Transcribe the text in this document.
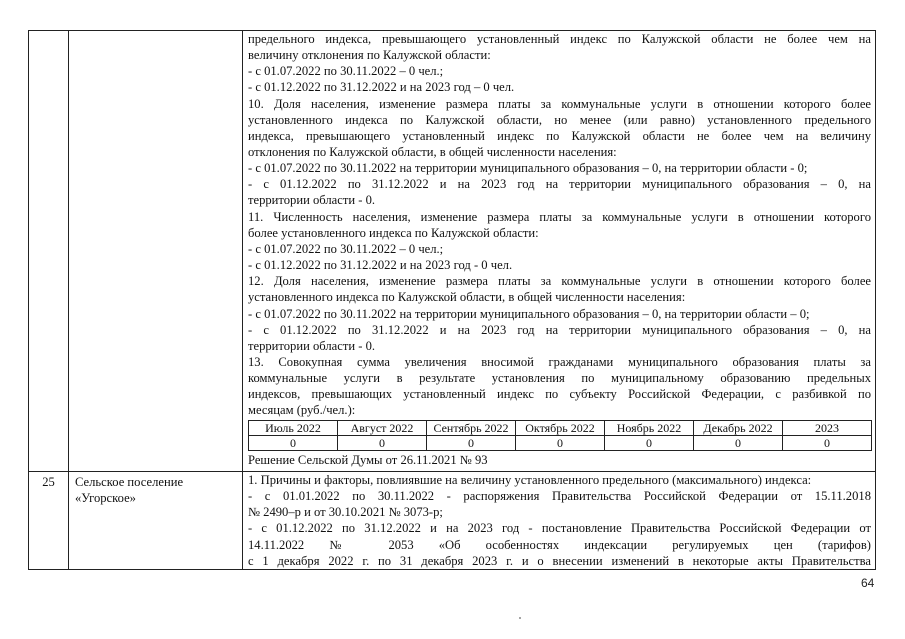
предельного индекса, превышающего установленный индекс по Калужской области не более чем на
величину отклонения по Калужской области:
- с 01.07.2022 по 30.11.2022 – 0 чел.;
- с 01.12.2022 по 31.12.2022 и на 2023 год – 0 чел.
10. Доля населения, изменение размера платы за коммунальные услуги в отношении которого более
установленного индекса по Калужской области, но менее (или равно) установленного предельного
индекса, превышающего установленный индекс по Калужской области не более чем на величину
отклонения по Калужской области, в общей численности населения:
- с 01.07.2022 по 30.11.2022 на территории муниципального образования – 0, на территории области - 0;
- с 01.12.2022 по 31.12.2022 и на 2023 год на территории муниципального образования – 0, на
территории области - 0.
11. Численность населения, изменение размера платы за коммунальные услуги в отношении которого
более установленного индекса по Калужской области:
- с 01.07.2022 по 30.11.2022 – 0 чел.;
- с 01.12.2022 по 31.12.2022 и на 2023 год - 0 чел.
12. Доля населения, изменение размера платы за коммунальные услуги в отношении которого более
установленного индекса по Калужской области, в общей численности населения:
- с 01.07.2022 по 30.11.2022 на территории муниципального образования – 0, на территории области – 0;
- с 01.12.2022 по 31.12.2022 и на 2023 год на территории муниципального образования – 0, на
территории области - 0.
13. Совокупная сумма увеличения вносимой гражданами муниципального образования платы за
коммунальные услуги в результате установления по муниципальному образованию предельных
индексов, превышающих установленный индекс по субъекту Российской Федерации, с разбивкой по
месяцам (руб./чел.):
Июль 2022	Август 2022	Сентябрь 2022	Октябрь 2022	Ноябрь 2022	Декабрь 2022	2023
0	0	0	0	0	0	0
Решение Сельской Думы от 26.11.2021 № 93

25	Сельское поселение
«Угорское»

1. Причины и факторы, повлиявшие на величину установленного предельного (максимального) индекса:
- с 01.01.2022 по 30.11.2022 - распоряжения Правительства Российской Федерации от 15.11.2018
№ 2490–р и от 30.10.2021 № 3073-р;
- с 01.12.2022 по 31.12.2022 и на 2023 год - постановление Правительства Российской Федерации от
14.11.2022 № 2053 «Об особенностях индексации регулируемых цен (тарифов)
с 1 декабря 2022 г. по 31 декабря 2023 г. и о внесении изменений в некоторые акты Правительства
64
